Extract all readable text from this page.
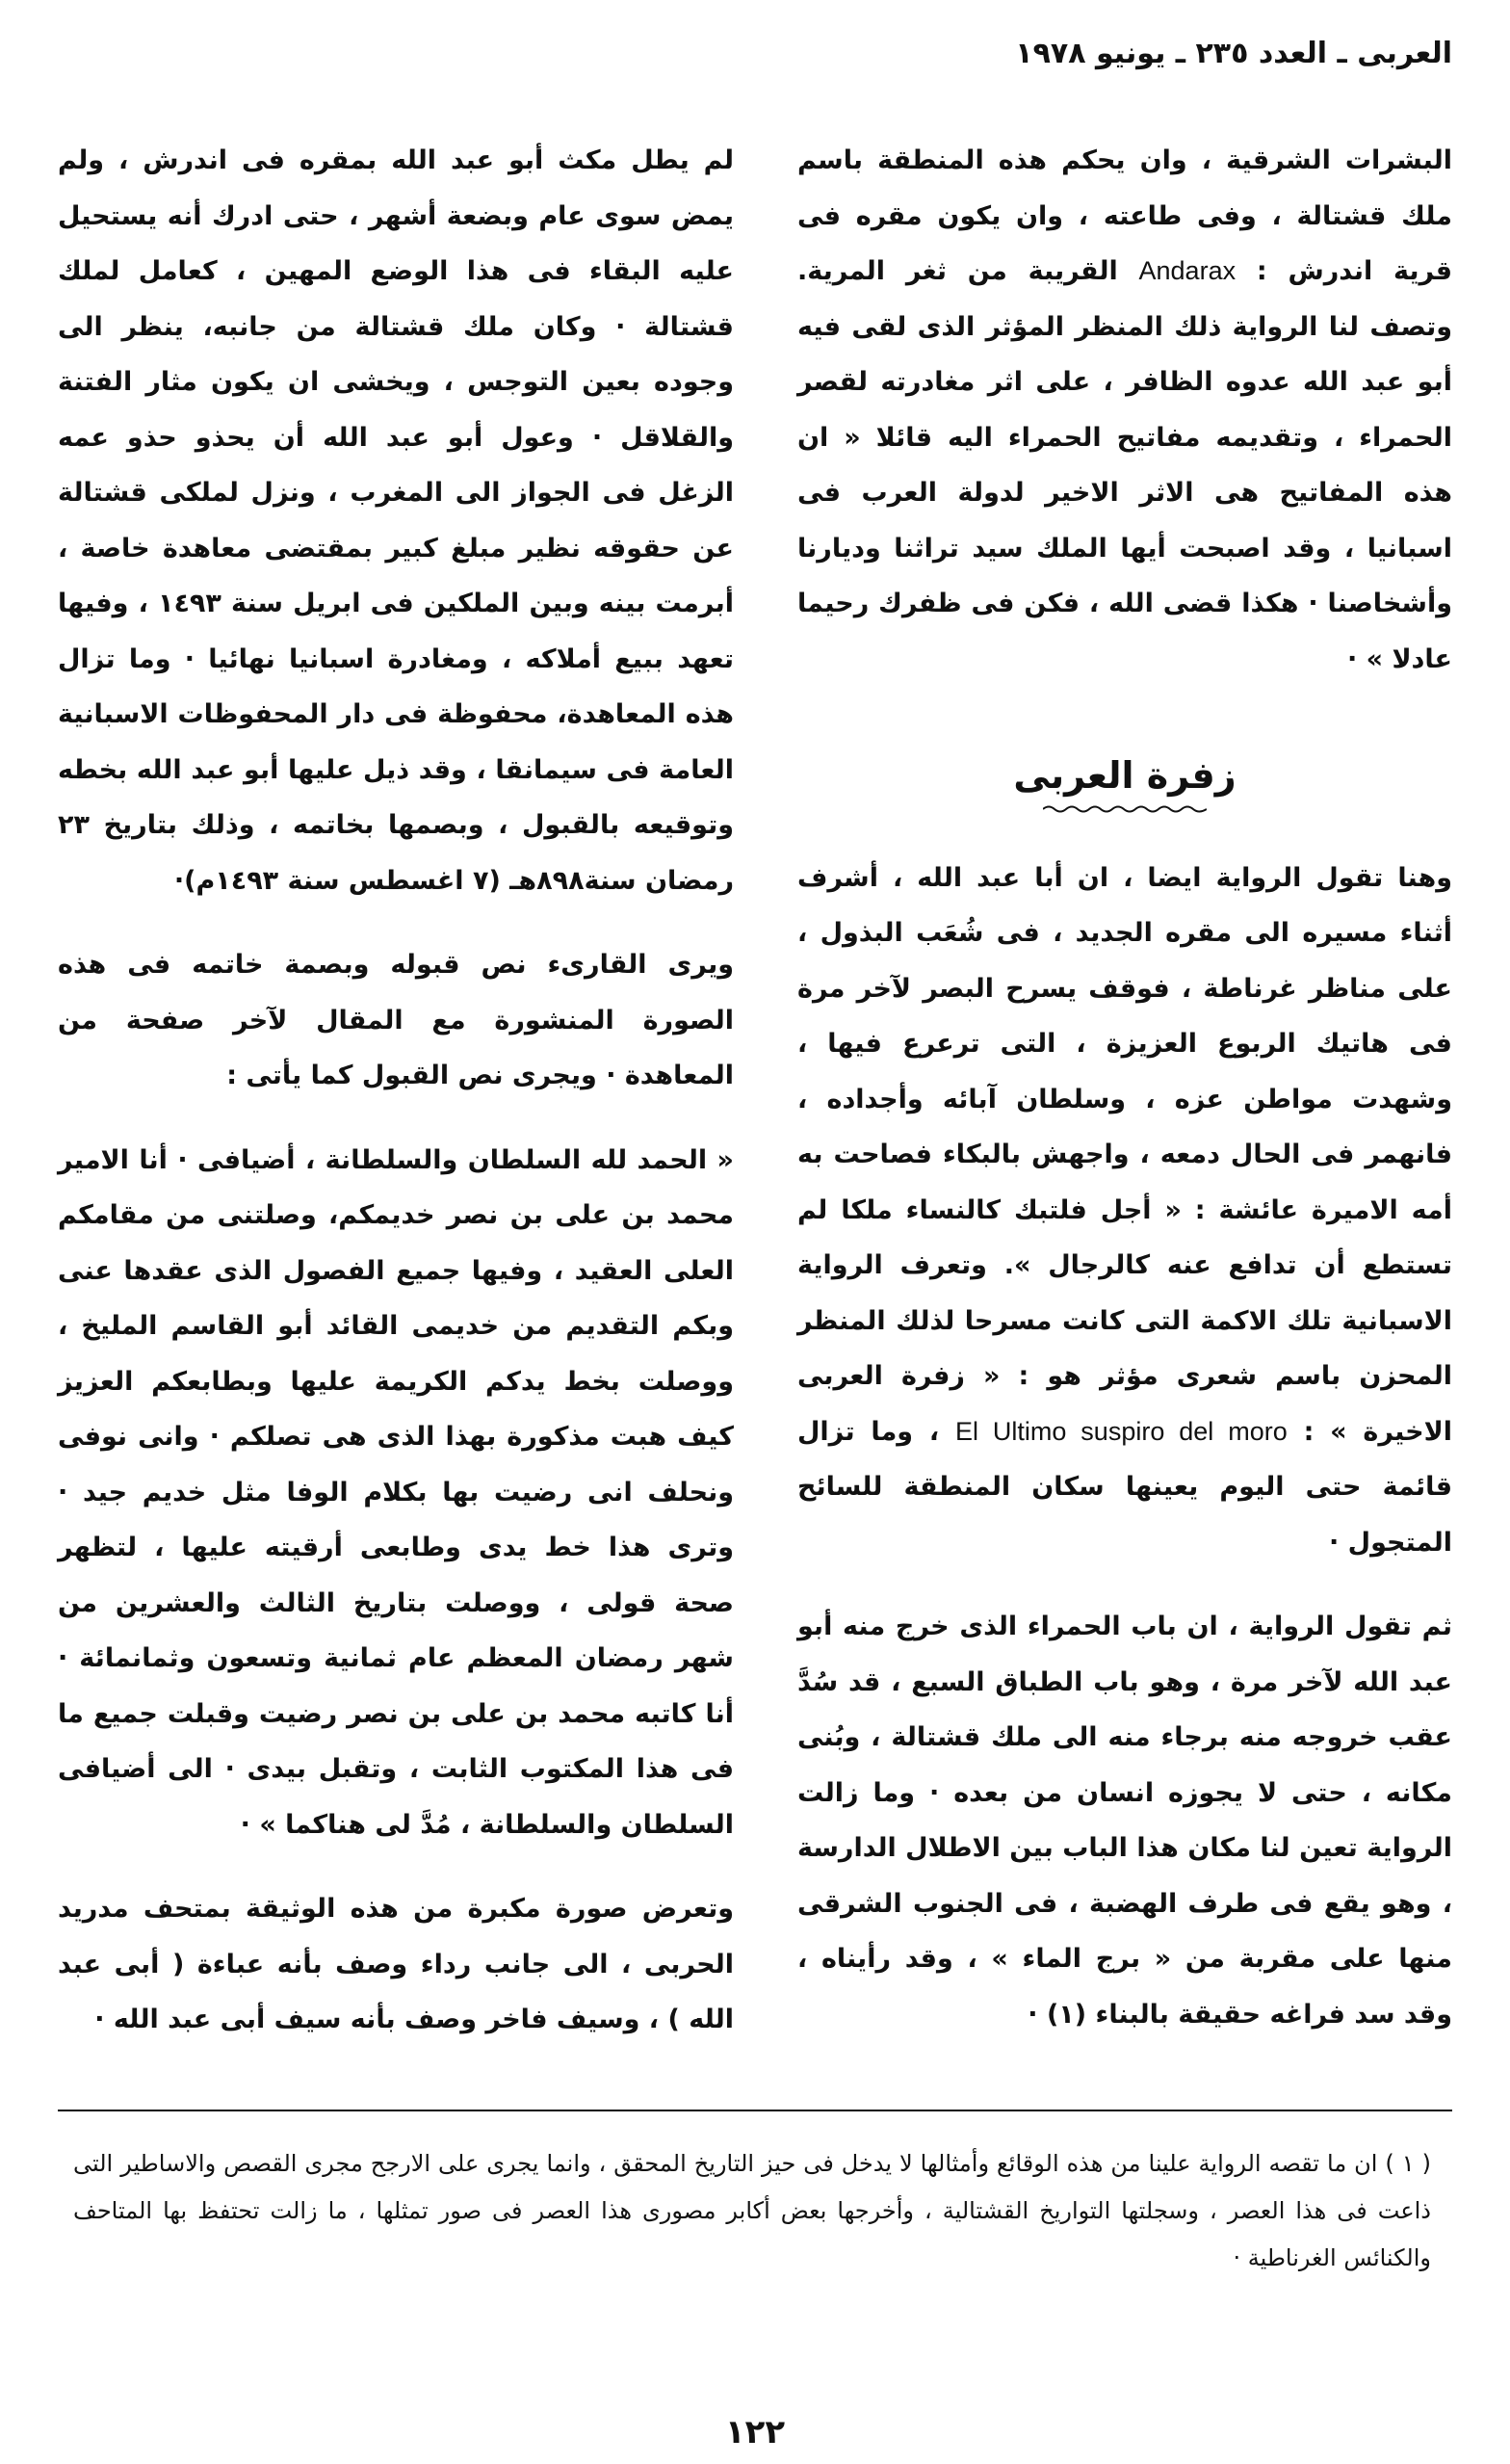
العربى ـ العدد ٢٣٥ ـ يونيو ١٩٧٨

البشرات الشرقية ، وان يحكم هذه المنطقة باسم ملك قشتالة ، وفى طاعته ، وان يكون مقره فى قرية اندرش : Andarax القريبة من ثغر المرية. وتصف لنا الرواية ذلك المنظر المؤثر الذى لقى فيه أبو عبد الله عدوه الظافر ، على اثر مغادرته لقصر الحمراء ، وتقديمه مفاتيح الحمراء اليه قائلا « ان هذه المفاتيح هى الاثر الاخير لدولة العرب فى اسبانيا ، وقد اصبحت أيها الملك سيد تراثنا وديارنا وأشخاصنا · هكذا قضى الله ، فكن فى ظفرك رحيما عادلا » ·

زفرة العربى

وهنا تقول الرواية ايضا ، ان أبا عبد الله ، أشرف أثناء مسيره الى مقره الجديد ، فى شُعَب البذول ، على مناظر غرناطة ، فوقف يسرح البصر لآخر مرة فى هاتيك الربوع العزيزة ، التى ترعرع فيها ، وشهدت مواطن عزه ، وسلطان آبائه وأجداده ، فانهمر فى الحال دمعه ، واجهش بالبكاء فصاحت به أمه الاميرة عائشة : « أجل فلتبك كالنساء ملكا لم تستطع أن تدافع عنه كالرجال ». وتعرف الرواية الاسبانية تلك الاكمة التى كانت مسرحا لذلك المنظر المحزن باسم شعرى مؤثر هو : « زفرة العربى الاخيرة » : El Ultimo suspiro del moro ، وما تزال قائمة حتى اليوم يعينها سكان المنطقة للسائح المتجول ·

ثم تقول الرواية ، ان باب الحمراء الذى خرج منه أبو عبد الله لآخر مرة ، وهو باب الطباق السبع ، قد سُدَّ عقب خروجه منه برجاء منه الى ملك قشتالة ، وبُنى مكانه ، حتى لا يجوزه انسان من بعده · وما زالت الرواية تعين لنا مكان هذا الباب بين الاطلال الدارسة ، وهو يقع فى طرف الهضبة ، فى الجنوب الشرقى منها على مقربة من « برج الماء » ، وقد رأيناه ، وقد سد فراغه حقيقة بالبناء (١) ·

لم يطل مكث أبو عبد الله بمقره فى اندرش ، ولم يمض سوى عام وبضعة أشهر ، حتى ادرك أنه يستحيل عليه البقاء فى هذا الوضع المهين ، كعامل لملك قشتالة · وكان ملك قشتالة من جانبه، ينظر الى وجوده بعين التوجس ، ويخشى ان يكون مثار الفتنة والقلاقل · وعول أبو عبد الله أن يحذو حذو عمه الزغل فى الجواز الى المغرب ، ونزل لملكى قشتالة عن حقوقه نظير مبلغ كبير بمقتضى معاهدة خاصة ، أبرمت بينه وبين الملكين فى ابريل سنة ١٤٩٣ ، وفيها تعهد ببيع أملاكه ، ومغادرة اسبانيا نهائيا · وما تزال هذه المعاهدة، محفوظة فى دار المحفوظات الاسبانية العامة فى سيمانقا ، وقد ذيل عليها أبو عبد الله بخطه وتوقيعه بالقبول ، وبصمها بخاتمه ، وذلك بتاريخ ٢٣ رمضان سنة٨٩٨هـ (٧ اغسطس سنة ١٤٩٣م)·

ويرى القارىء نص قبوله وبصمة خاتمه فى هذه الصورة المنشورة مع المقال لآخر صفحة من المعاهدة · ويجرى نص القبول كما يأتى :

« الحمد لله السلطان والسلطانة ، أضيافى · أنا الامير محمد بن على بن نصر خديمكم، وصلتنى من مقامكم العلى العقيد ، وفيها جميع الفصول الذى عقدها عنى وبكم التقديم من خديمى القائد أبو القاسم المليخ ، ووصلت بخط يدكم الكريمة عليها وبطابعكم العزيز كيف هبت مذكورة بهذا الذى هى تصلكم · وانى نوفى ونحلف انى رضيت بها بكلام الوفا مثل خديم جيد · وترى هذا خط يدى وطابعى أرقيته عليها ، لتظهر صحة قولى ، ووصلت بتاريخ الثالث والعشرين من شهر رمضان المعظم عام ثمانية وتسعون وثمانمائة · أنا كاتبه محمد بن على بن نصر رضيت وقبلت جميع ما فى هذا المكتوب الثابت ، وتقبل بيدى · الى أضيافى السلطان والسلطانة ، مُدَّ لى هناكما » ·

وتعرض صورة مكبرة من هذه الوثيقة بمتحف مدريد الحربى ، الى جانب رداء وصف بأنه عباءة ( أبى عبد الله ) ، وسيف فاخر وصف بأنه سيف أبى عبد الله ·

( ١ ) ان ما تقصه الرواية علينا من هذه الوقائع وأمثالها لا يدخل فى حيز التاريخ المحقق ، وانما يجرى على الارجح مجرى القصص والاساطير التى ذاعت فى هذا العصر ، وسجلتها التواريخ القشتالية ، وأخرجها بعض أكابر مصورى هذا العصر فى صور تمثلها ، ما زالت تحتفظ بها المتاحف والكنائس الغرناطية ·
١٢٢
